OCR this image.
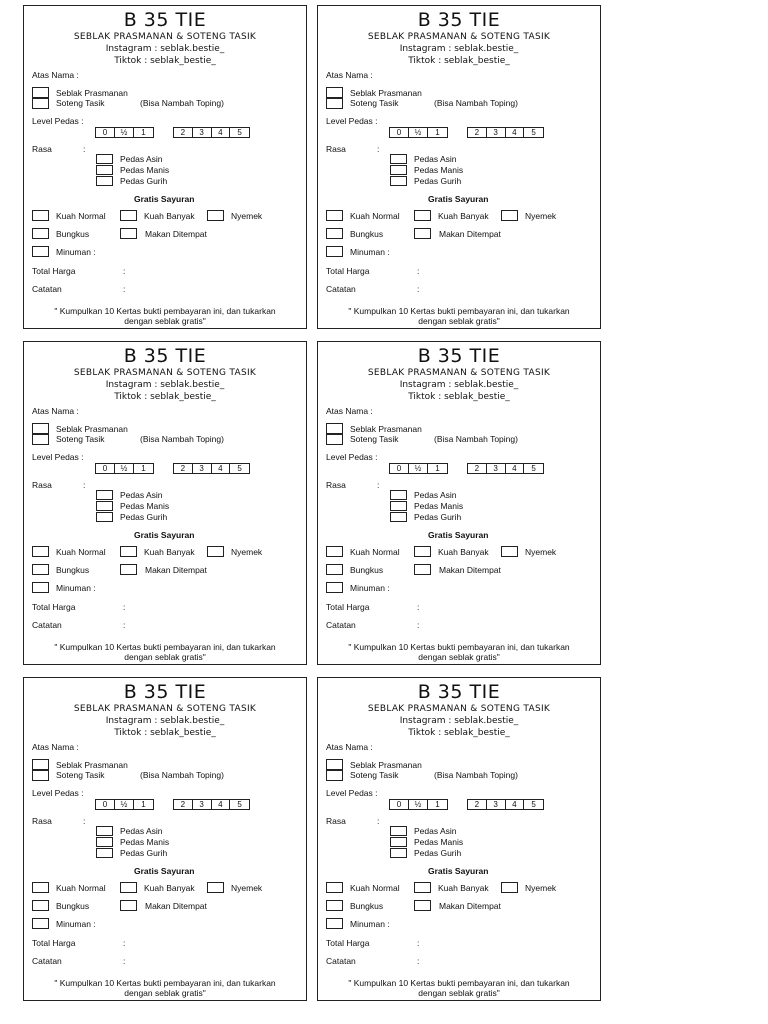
B 35 TIE
SEBLAK PRASMANAN & SOTENG TASIK
Instagram : seblak.bestie_
Tiktok : seblak_bestie_
Atas Nama :
Seblak Prasmanan
Soteng Tasik	(Bisa Nambah Toping)
Level Pedas :
0	½	1	2	3	4	5
Rasa	:
Pedas Asin
Pedas Manis
Pedas Gurih
Gratis Sayuran
Kuah Normal	Kuah Banyak	Nyemek
Bungkus	Makan Ditempat
Minuman :
Total Harga	:
Catatan	:
" Kumpulkan 10 Kertas bukti pembayaran ini, dan tukarkan
dengan seblak gratis"
B 35 TIE
SEBLAK PRASMANAN & SOTENG TASIK
Instagram : seblak.bestie_
Tiktok : seblak_bestie_
Atas Nama :
Seblak Prasmanan
Soteng Tasik	(Bisa Nambah Toping)
Level Pedas :
0	½	1	2	3	4	5
Rasa	:
Pedas Asin
Pedas Manis
Pedas Gurih
Gratis Sayuran
Kuah Normal	Kuah Banyak	Nyemek
Bungkus	Makan Ditempat
Minuman :
Total Harga	:
Catatan	:
" Kumpulkan 10 Kertas bukti pembayaran ini, dan tukarkan
dengan seblak gratis"
B 35 TIE
SEBLAK PRASMANAN & SOTENG TASIK
Instagram : seblak.bestie_
Tiktok : seblak_bestie_
Atas Nama :
Seblak Prasmanan
Soteng Tasik	(Bisa Nambah Toping)
Level Pedas :
0	½	1	2	3	4	5
Rasa	:
Pedas Asin
Pedas Manis
Pedas Gurih
Gratis Sayuran
Kuah Normal	Kuah Banyak	Nyemek
Bungkus	Makan Ditempat
Minuman :
Total Harga	:
Catatan	:
" Kumpulkan 10 Kertas bukti pembayaran ini, dan tukarkan
dengan seblak gratis"
B 35 TIE
SEBLAK PRASMANAN & SOTENG TASIK
Instagram : seblak.bestie_
Tiktok : seblak_bestie_
Atas Nama :
Seblak Prasmanan
Soteng Tasik	(Bisa Nambah Toping)
Level Pedas :
0	½	1	2	3	4	5
Rasa	:
Pedas Asin
Pedas Manis
Pedas Gurih
Gratis Sayuran
Kuah Normal	Kuah Banyak	Nyemek
Bungkus	Makan Ditempat
Minuman :
Total Harga	:
Catatan	:
" Kumpulkan 10 Kertas bukti pembayaran ini, dan tukarkan
dengan seblak gratis"
B 35 TIE
SEBLAK PRASMANAN & SOTENG TASIK
Instagram : seblak.bestie_
Tiktok : seblak_bestie_
Atas Nama :
Seblak Prasmanan
Soteng Tasik	(Bisa Nambah Toping)
Level Pedas :
0	½	1	2	3	4	5
Rasa	:
Pedas Asin
Pedas Manis
Pedas Gurih
Gratis Sayuran
Kuah Normal	Kuah Banyak	Nyemek
Bungkus	Makan Ditempat
Minuman :
Total Harga	:
Catatan	:
" Kumpulkan 10 Kertas bukti pembayaran ini, dan tukarkan
dengan seblak gratis"
B 35 TIE
SEBLAK PRASMANAN & SOTENG TASIK
Instagram : seblak.bestie_
Tiktok : seblak_bestie_
Atas Nama :
Seblak Prasmanan
Soteng Tasik	(Bisa Nambah Toping)
Level Pedas :
0	½	1	2	3	4	5
Rasa	:
Pedas Asin
Pedas Manis
Pedas Gurih
Gratis Sayuran
Kuah Normal	Kuah Banyak	Nyemek
Bungkus	Makan Ditempat
Minuman :
Total Harga	:
Catatan	:
" Kumpulkan 10 Kertas bukti pembayaran ini, dan tukarkan
dengan seblak gratis"
